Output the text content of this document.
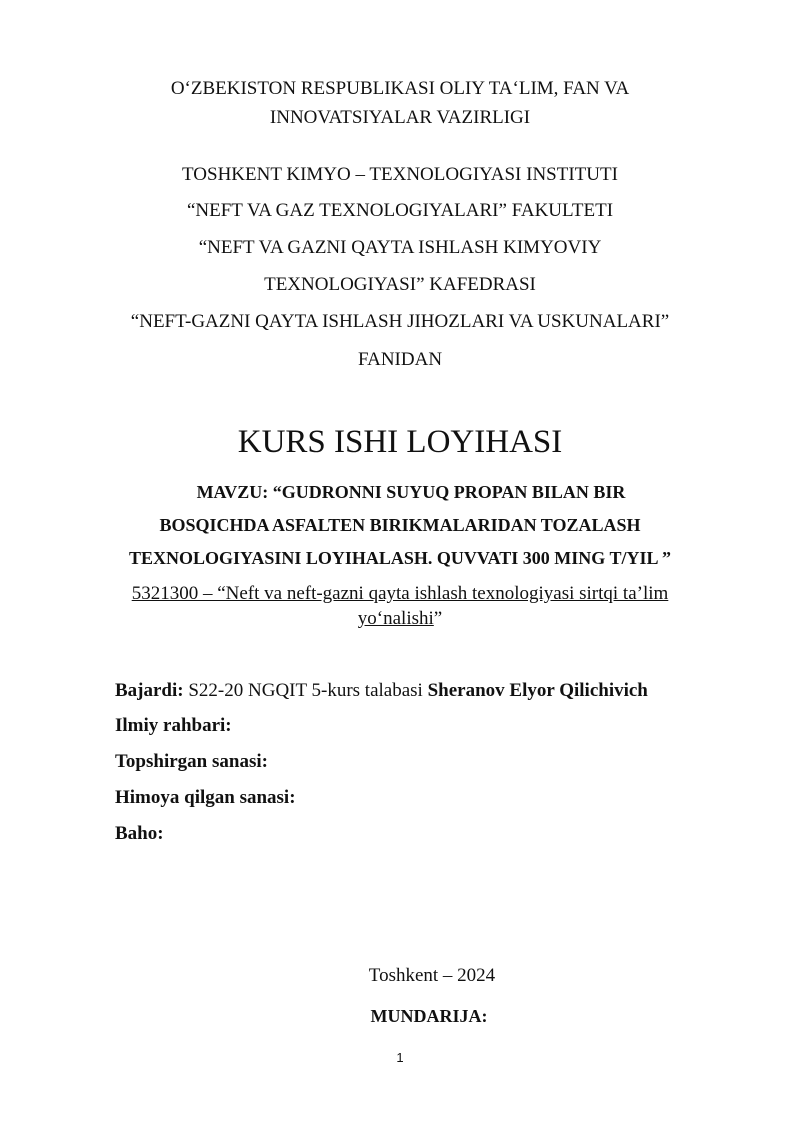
O‘ZBEKISTON RESPUBLIKASI OLIY TA‘LIM, FAN VA
INNOVATSIYALAR VAZIRLIGI
TOSHKENT KIMYO – TEXNOLOGIYASI INSTITUTI
“NEFT VA GAZ TEXNOLOGIYALARI” FAKULTETI
“NEFT VA GAZNI QAYTA ISHLASH KIMYOVIY
TEXNOLOGIYASI” KAFEDRASI
“NEFT-GAZNI QAYTA ISHLASH JIHOZLARI VA USKUNALARI”
FANIDAN
KURS ISHI LOYIHASI
MAVZU: “GUDRONNI SUYUQ PROPAN BILAN BIR
BOSQICHDA ASFALTEN BIRIKMALARIDAN TOZALASH
TEXNOLOGIYASINI LOYIHALASH. QUVVATI 300 MING T/YIL ”
5321300 – “Neft va neft-gazni qayta ishlash texnologiyasi sirtqi ta’lim
yo‘nalishi”
Bajardi: S22-20 NGQIT 5-kurs talabasi Sheranov Elyor Qilichivich
Ilmiy rahbari:
Topshirgan sanasi:
Himoya qilgan sanasi:
Baho:
Toshkent – 2024
MUNDARIJA:
1
